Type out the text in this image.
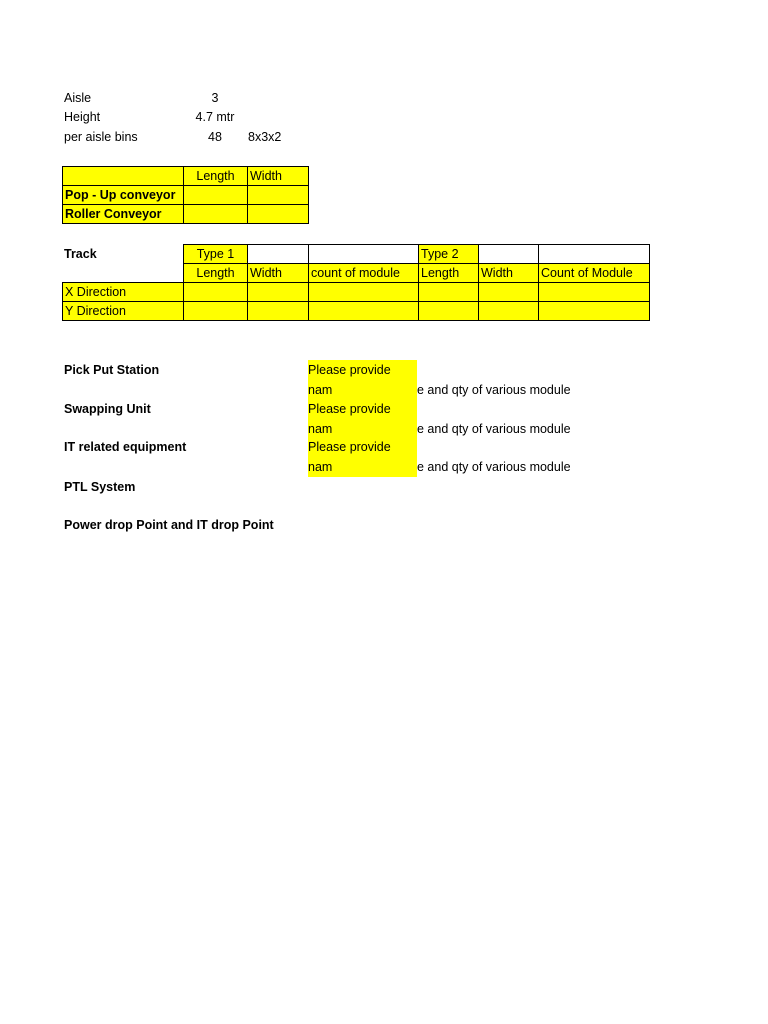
Aisle	3
Height	4.7 mtr
per aisle bins	48	8x3x2
	Length	Width
Pop - Up conveyor		
Roller Conveyor		
Track	Type 1			Type 2		
	Length	Width	count of module	Length	Width	Count of Module
X Direction						
Y Direction						
Pick Put Station	Please provide nam	e and qty of various module
Swapping Unit	Please provide nam	e and qty of various module
IT related equipment	Please provide nam	e and qty of various module
PTL System
Power drop Point and IT drop Point
